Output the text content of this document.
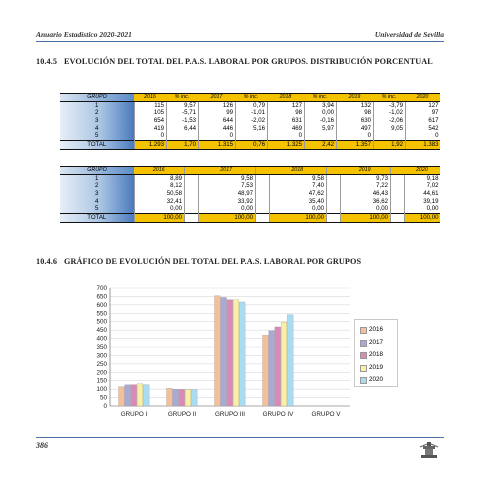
Anuario Estadístico 2020-2021	Universidad de Sevilla
10.4.5 EVOLUCIÓN DEL TOTAL DEL P.A.S. LABORAL POR GRUPOS. DISTRIBUCIÓN PORCENTUAL
GRUPO	2016	% inc.	2017	% inc.	2018	% inc.	2019	% inc.	2020
1	115	9,57	126	0,79	127	3,94	132	-3,79	127
2	105	-5,71	99	-1,01	98	0,00	98	-1,02	97
3	654	-1,53	644	-2,02	631	-0,16	630	-2,06	617
4	419	6,44	446	5,16	469	5,97	497	9,05	542
5	0		0		0		0		0
TOTAL	1.293	1,70	1.315	0,76	1.325	2,42	1.357	1,92	1.383
GRUPO	2016		2017		2018		2019		2020
1	8,89		9,58		9,58		9,73		9,18
2	8,12		7,53		7,40		7,22		7,02
3	50,58		48,97		47,62		46,43		44,61
4	32,41		33,92		35,40		36,62		39,19
5	0,00		0,00		0,00		0,00		0,00
TOTAL	100,00		100,00		100,00		100,00		100,00
10.4.6 GRÁFICO DE EVOLUCIÓN DEL TOTAL DEL P.A.S. LABORAL POR GRUPOS
0
50
100
150
200
250
300
350
400
450
500
550
600
650
700
GRUPO I	GRUPO II	GRUPO III	GRUPO IV	GRUPO V
2016
2017
2018
2019
2020
386
